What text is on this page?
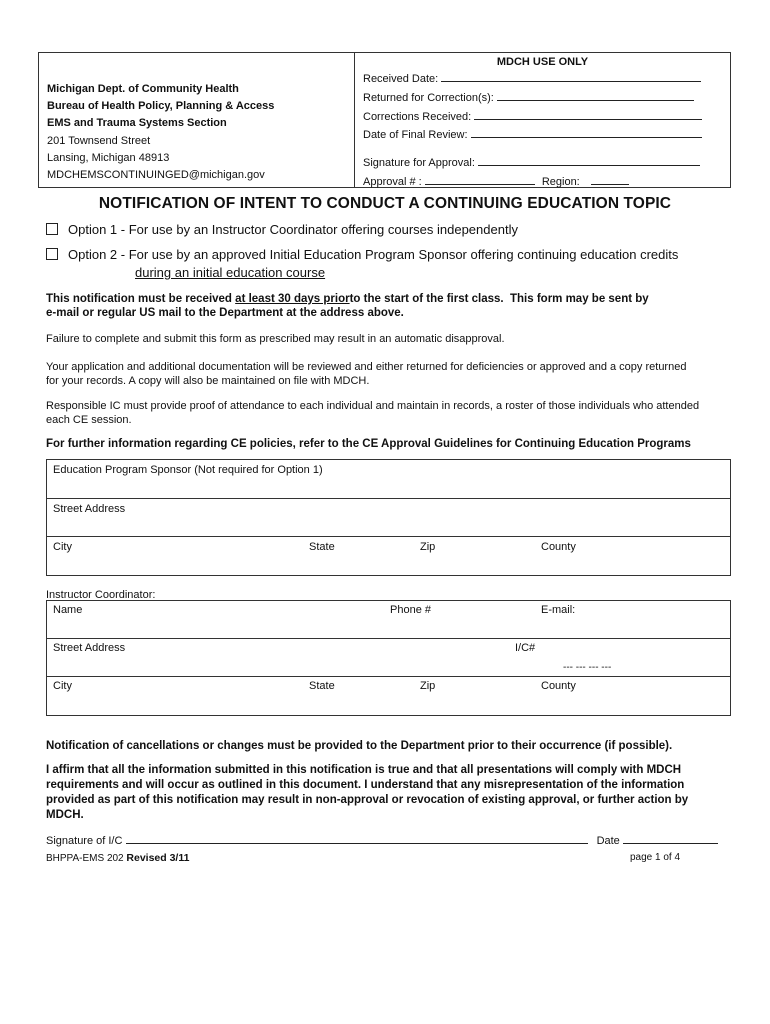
Michigan Dept. of Community Health
Bureau of Health Policy, Planning & Access
EMS and Trauma Systems Section
201 Townsend Street
Lansing, Michigan 48913
MDCHEMSCONTINUINGED@michigan.gov
MDCH USE ONLY
Received Date:
Returned for Correction(s):
Corrections Received:
Date of Final Review:
Signature for Approval:
Approval # :	Region:
NOTIFICATION OF INTENT TO CONDUCT A CONTINUING EDUCATION TOPIC
Option 1 - For use by an Instructor Coordinator offering courses independently
Option 2 - For use by an approved Initial Education Program Sponsor offering continuing education credits
during an initial education course
This notification must be received at least 30 days priorto the start of the first class. This form may be sent by
e-mail or regular US mail to the Department at the address above.
Failure to complete and submit this form as prescribed may result in an automatic disapproval.
Your application and additional documentation will be reviewed and either returned for deficiencies or approved and a copy returned
for your records. A copy will also be maintained on file with MDCH.
Responsible IC must provide proof of attendance to each individual and maintain in records, a roster of those individuals who attended
each CE session.
For further information regarding CE policies, refer to the CE Approval Guidelines for Continuing Education Programs
Education Program Sponsor (Not required for Option 1)
Street Address
City	State	Zip	County
Instructor Coordinator:
Name	Phone #	E-mail:
Street Address	I/C#
--- --- --- ---
City	State	Zip	County
Notification of cancellations or changes must be provided to the Department prior to their occurrence (if possible).
I affirm that all the information submitted in this notification is true and that all presentations will comply with MDCH
requirements and will occur as outlined in this document. I understand that any misrepresentation of the information
provided as part of this notification may result in non-approval or revocation of existing approval, or further action by
MDCH.
Signature of I/C	Date
BHPPA-EMS 202 Revised 3/11	page 1 of 4
